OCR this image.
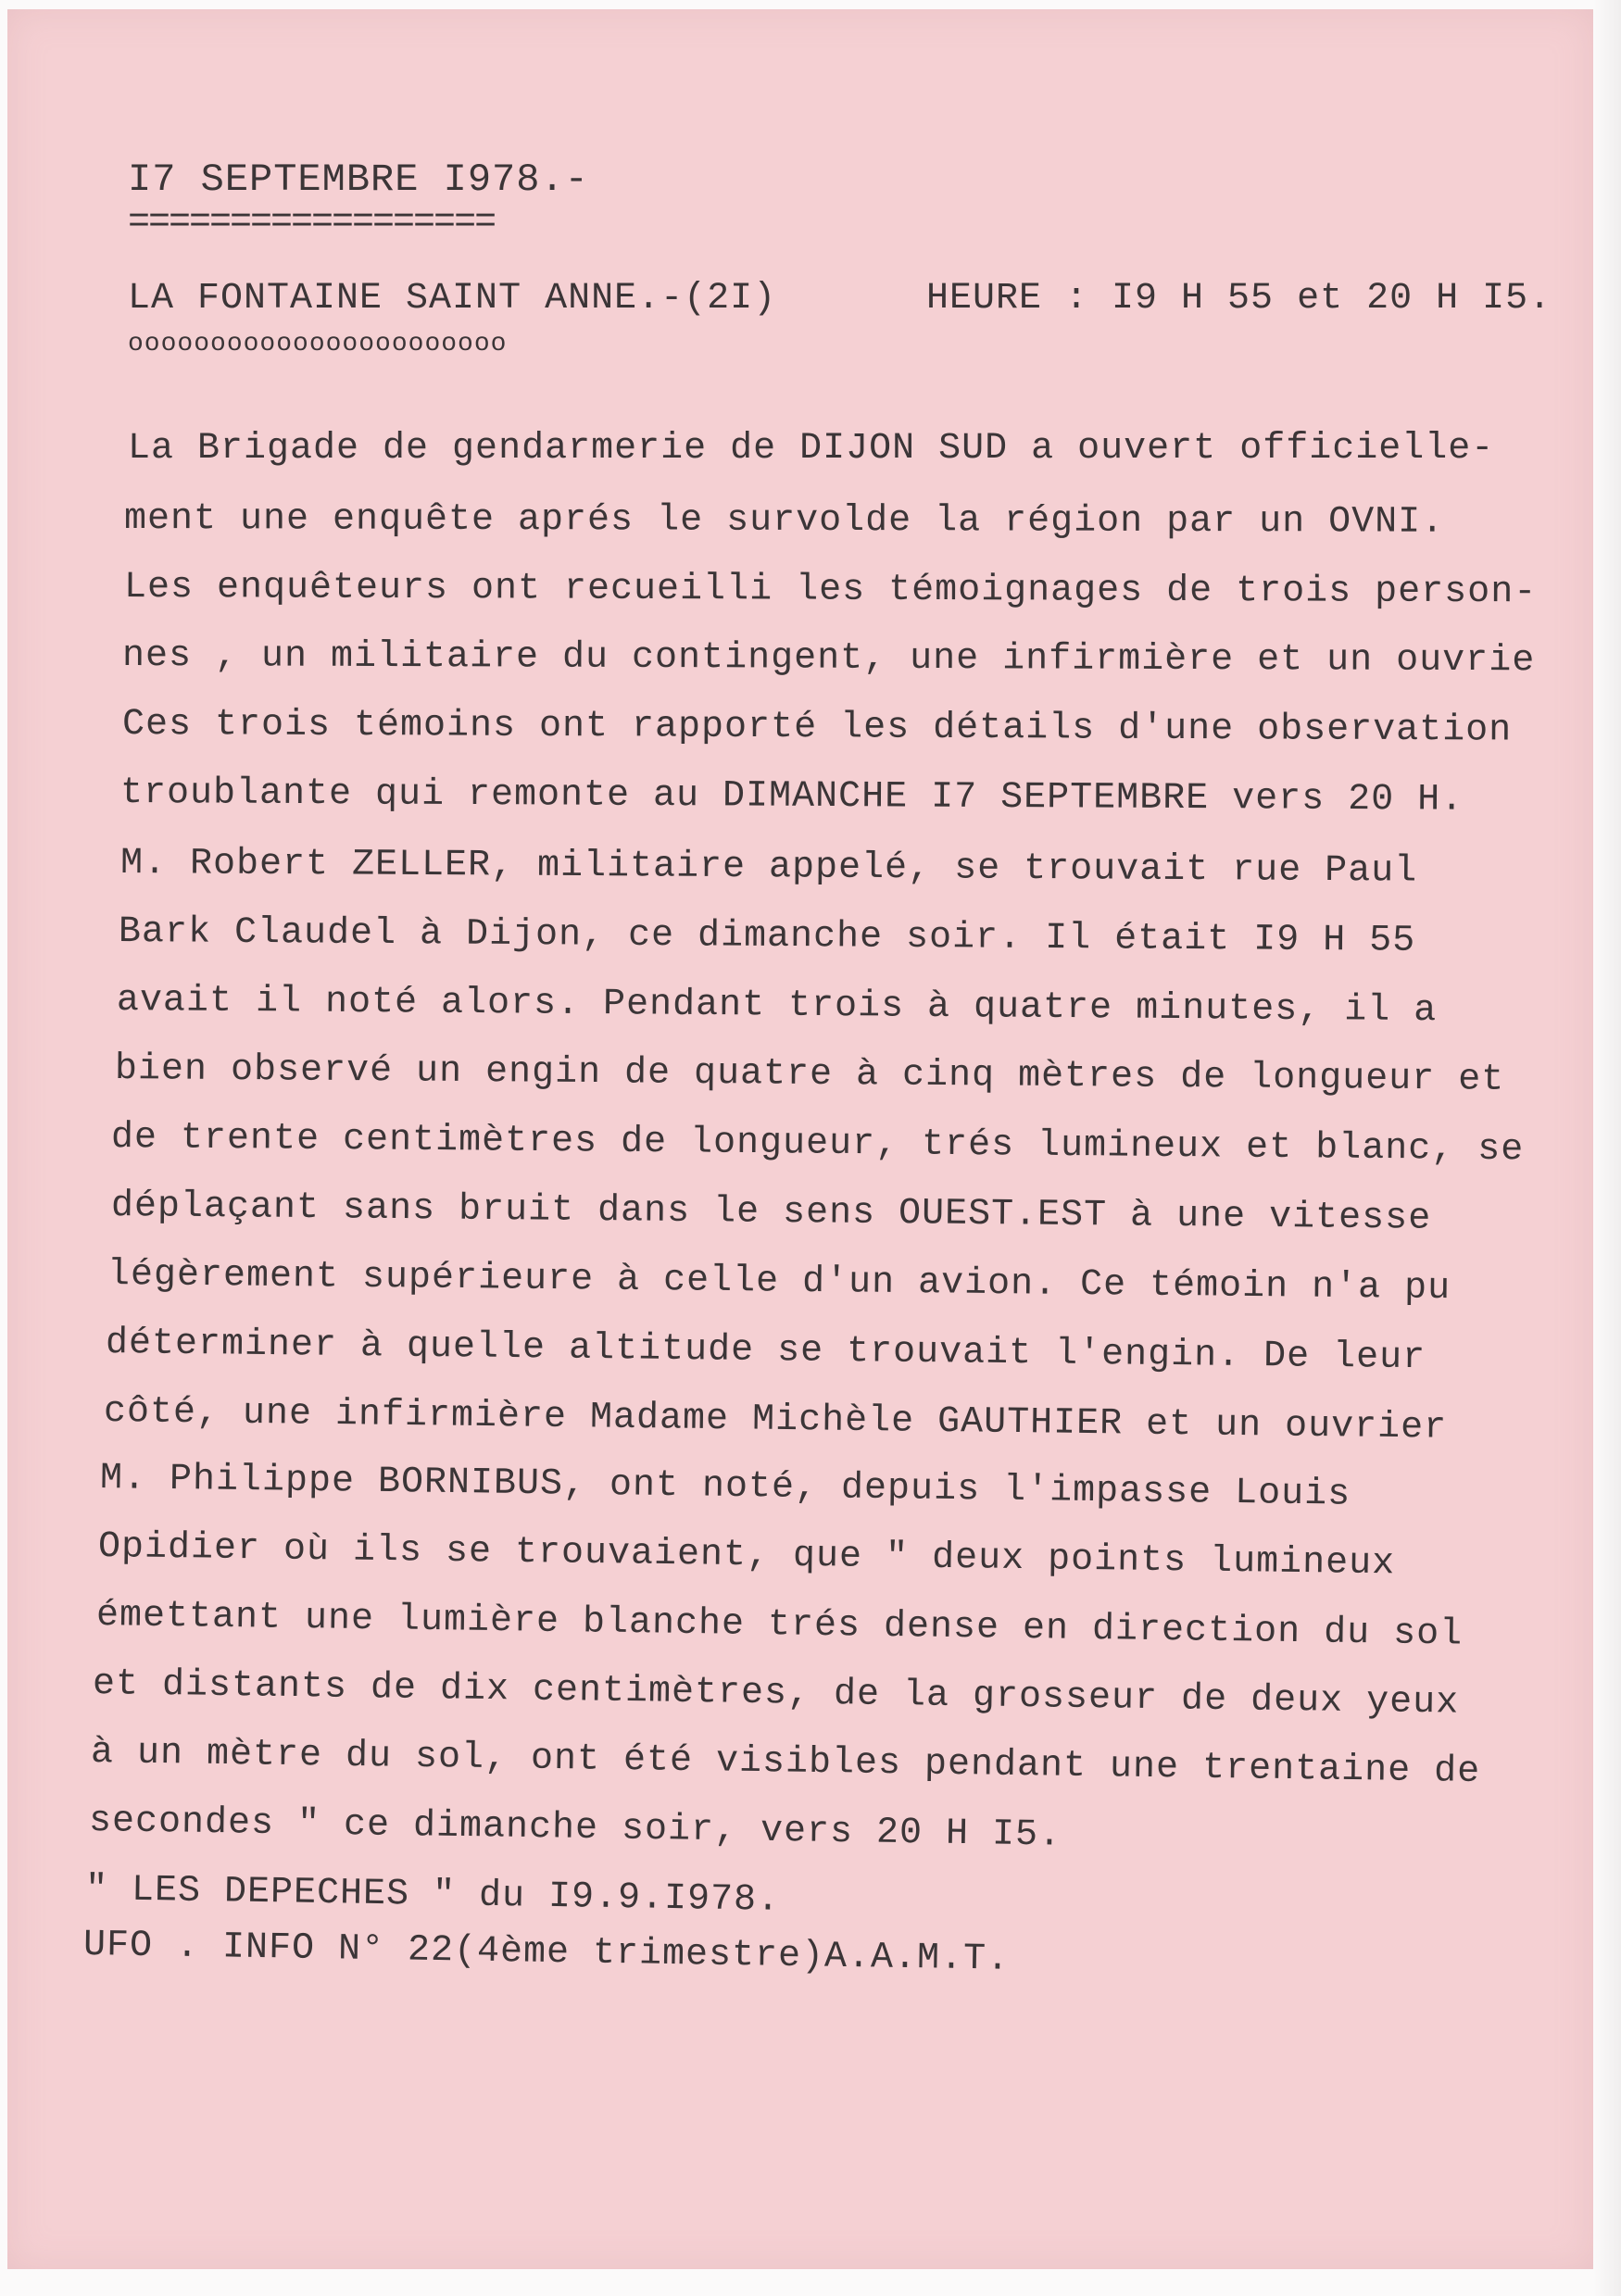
I7 SEPTEMBRE I978.-
==================
LA FONTAINE SAINT ANNE.-(2I)	HEURE : I9 H 55 et 20 H I5.
ooooooooooooooooooooooo
La Brigade de gendarmerie de DIJON SUD a ouvert officielle-
ment une enquête aprés le survolde la région par un OVNI.
Les enquêteurs ont recueilli les témoignages de trois person-
nes , un militaire du contingent, une infirmière et un ouvrie
Ces trois témoins ont rapporté les détails d'une observation
troublante qui remonte au DIMANCHE I7 SEPTEMBRE vers 20 H.
M. Robert ZELLER, militaire appelé, se trouvait rue Paul
Bark Claudel à Dijon, ce dimanche soir. Il était I9 H 55
avait il noté alors. Pendant trois à quatre minutes, il a
bien observé un engin de quatre à cinq mètres de longueur et
de trente centimètres de longueur, trés lumineux et blanc, se
déplaçant sans bruit dans le sens OUEST.EST à une vitesse
légèrement supérieure à celle d'un avion. Ce témoin n'a pu
déterminer à quelle altitude se trouvait l'engin. De leur
côté, une infirmière Madame Michèle GAUTHIER et un ouvrier
M. Philippe BORNIBUS, ont noté, depuis l'impasse Louis
Opidier où ils se trouvaient, que " deux points lumineux
émettant une lumière blanche trés dense en direction du sol
et distants de dix centimètres, de la grosseur de deux yeux
à un mètre du sol, ont été visibles pendant une trentaine de
secondes " ce dimanche soir, vers 20 H I5.
" LES DEPECHES " du I9.9.I978.
UFO . INFO N° 22(4ème trimestre)A.A.M.T.
